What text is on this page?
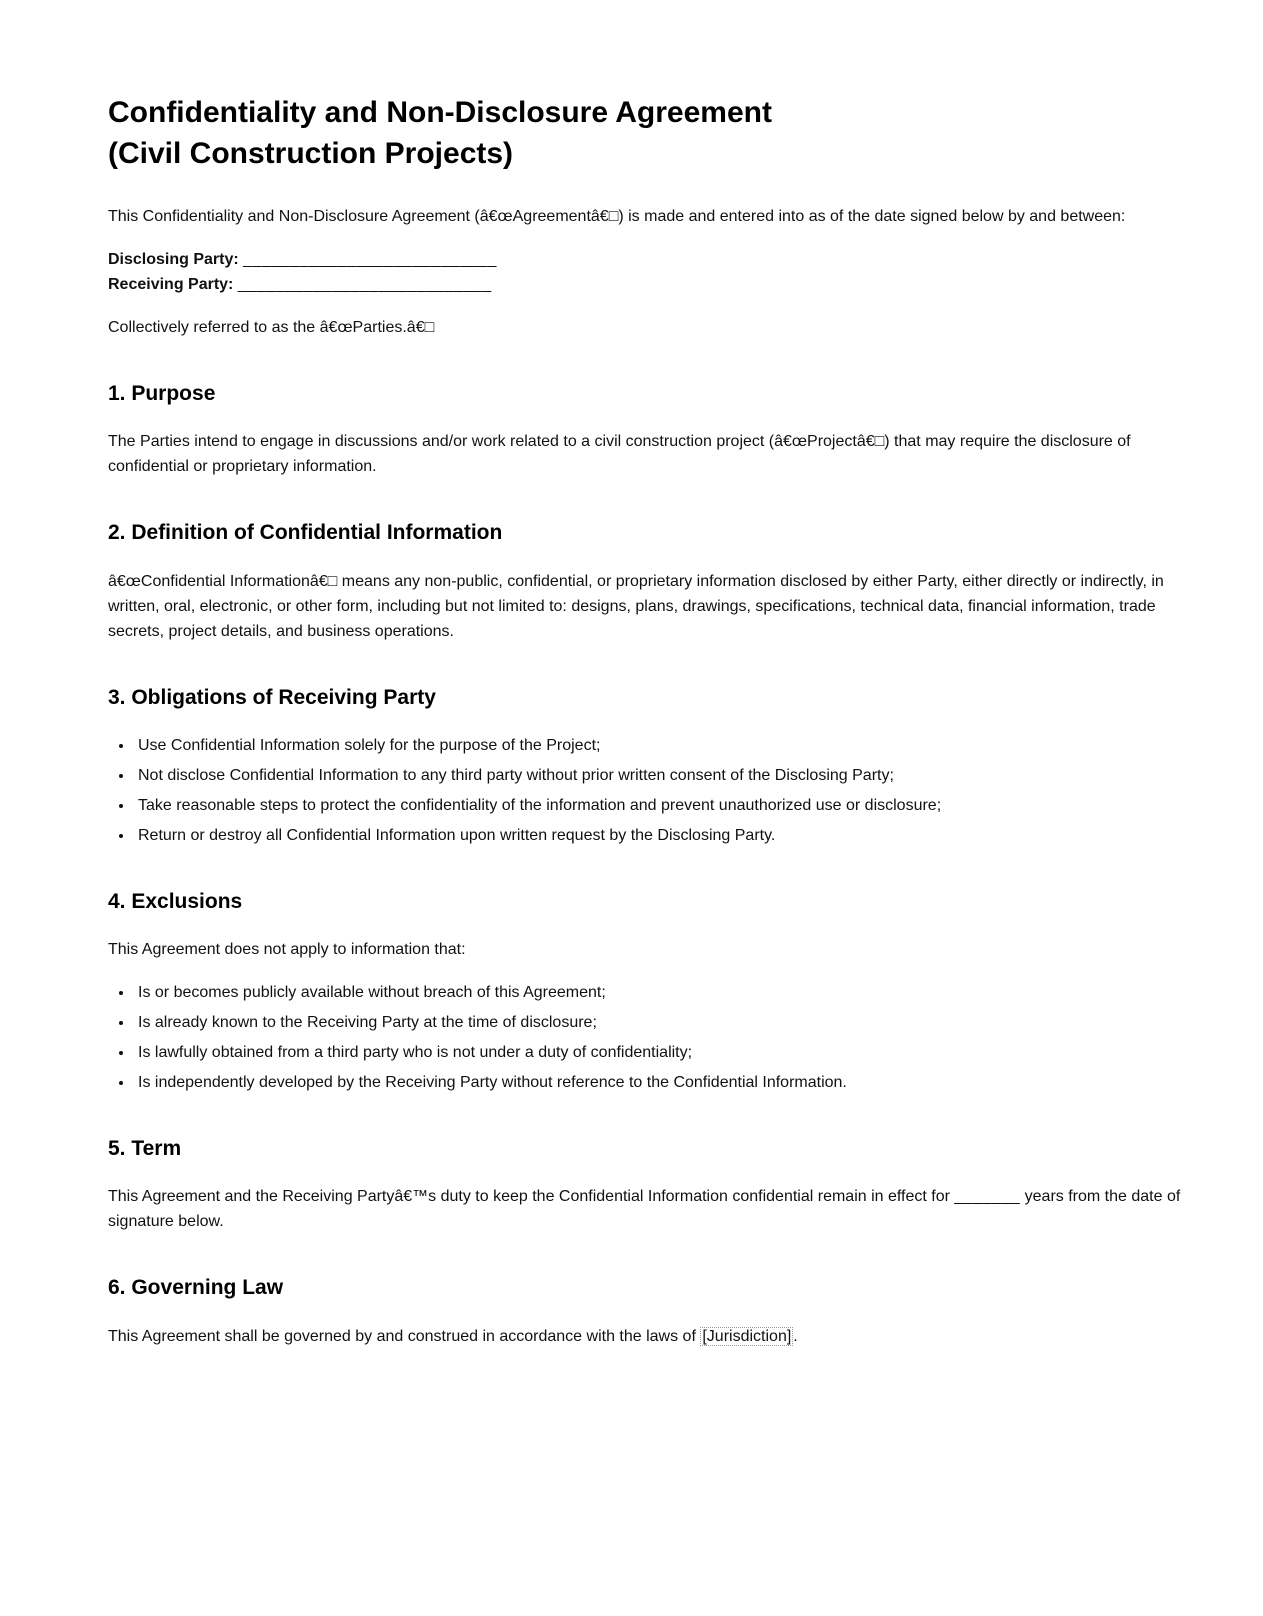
Confidentiality and Non-Disclosure Agreement
(Civil Construction Projects)

This Confidentiality and Non-Disclosure Agreement (â€œAgreementâ€□) is made and entered into as of the date signed below by and between:

Disclosing Party: ___________________________
Receiving Party: ___________________________

Collectively referred to as the â€œParties.â€□

1. Purpose

The Parties intend to engage in discussions and/or work related to a civil construction project (â€œProjectâ€□) that may require the disclosure of confidential or proprietary information.

2. Definition of Confidential Information

â€œConfidential Informationâ€□ means any non-public, confidential, or proprietary information disclosed by either Party, either directly or indirectly, in written, oral, electronic, or other form, including but not limited to: designs, plans, drawings, specifications, technical data, financial information, trade secrets, project details, and business operations.

3. Obligations of Receiving Party
• Use Confidential Information solely for the purpose of the Project;
• Not disclose Confidential Information to any third party without prior written consent of the Disclosing Party;
• Take reasonable steps to protect the confidentiality of the information and prevent unauthorized use or disclosure;
• Return or destroy all Confidential Information upon written request by the Disclosing Party.
4. Exclusions

This Agreement does not apply to information that:

• Is or becomes publicly available without breach of this Agreement;
• Is already known to the Receiving Party at the time of disclosure;
• Is lawfully obtained from a third party who is not under a duty of confidentiality;
• Is independently developed by the Receiving Party without reference to the Confidential Information.
5. Term

This Agreement and the Receiving Partyâ€™s duty to keep the Confidential Information confidential remain in effect for _______ years from the date of signature below.

6. Governing Law

This Agreement shall be governed by and construed in accordance with the laws of [Jurisdiction] .
